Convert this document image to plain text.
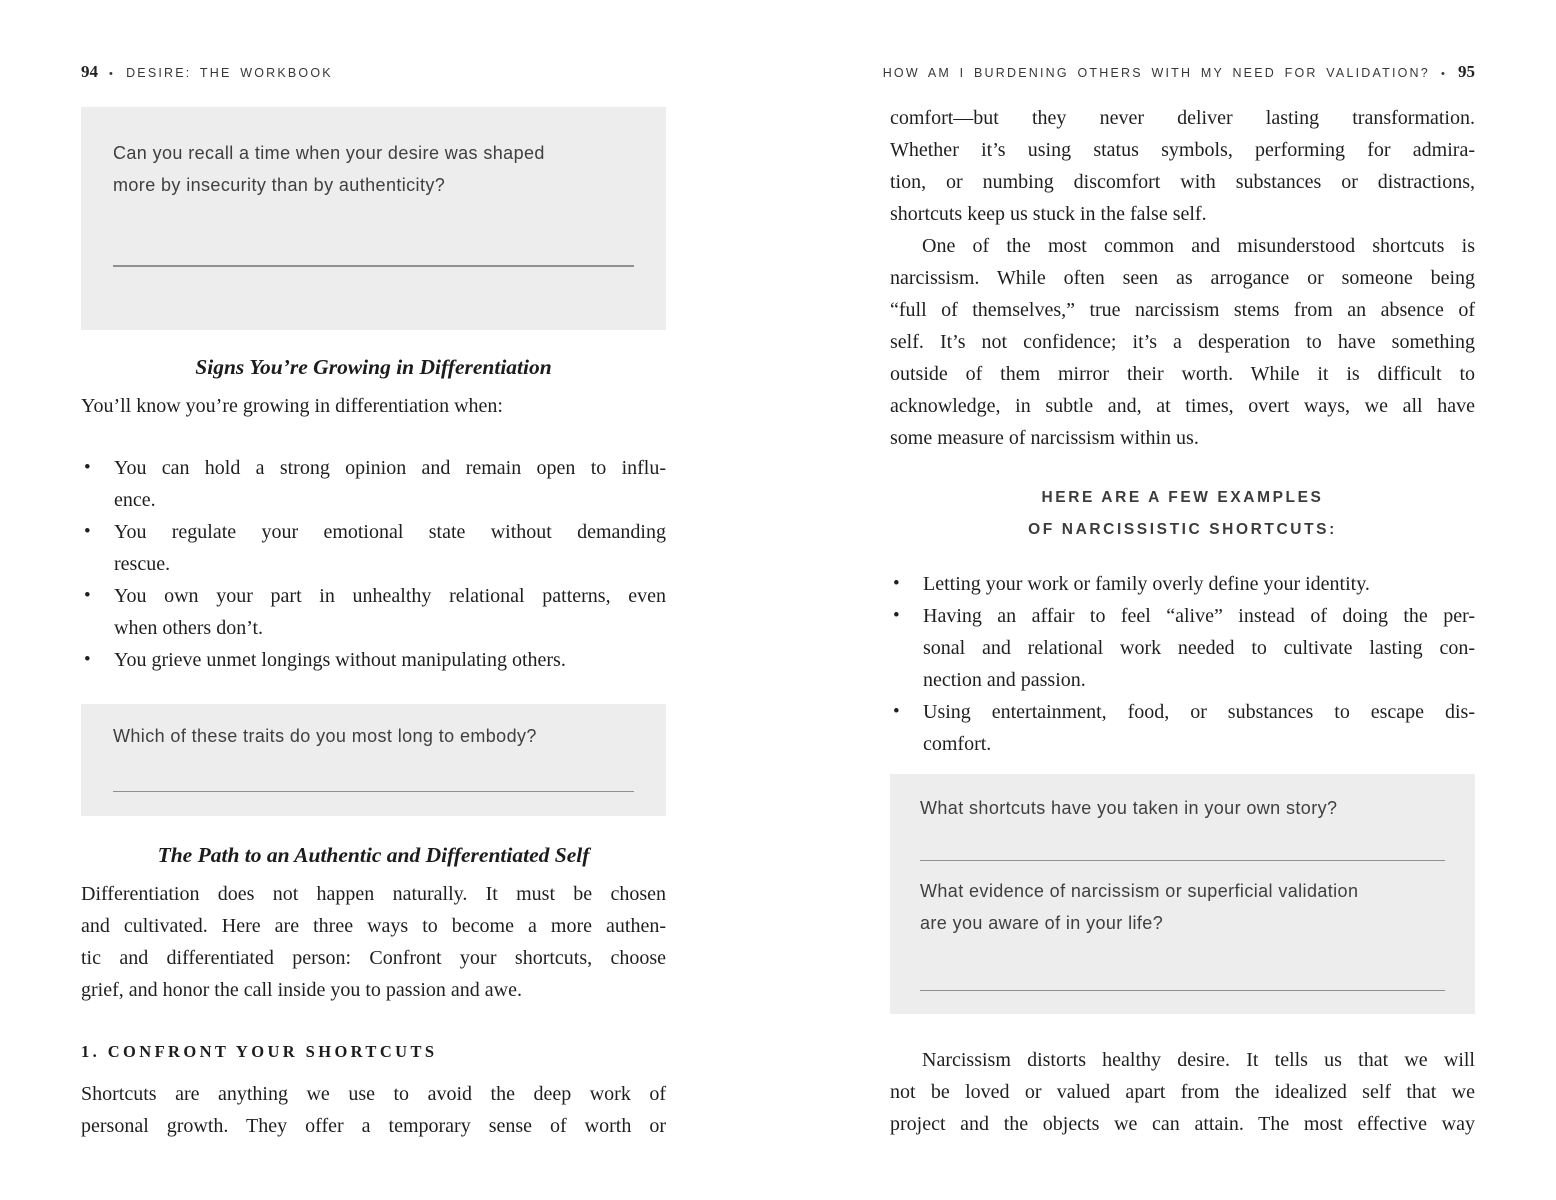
94 • DESIRE: THE WORKBOOK
Can you recall a time when your desire was shaped
more by insecurity than by authenticity?
Signs You’re Growing in Differentiation
You’ll know you’re growing in differentiation when:
•	You can hold a strong opinion and remain open to influ-
ence.
•	You regulate your emotional state without demanding
rescue.
•	You own your part in unhealthy relational patterns, even
when others don’t.
•	You grieve unmet longings without manipulating others.
Which of these traits do you most long to embody?
The Path to an Authentic and Differentiated Self
Differentiation does not happen naturally. It must be chosen
and cultivated. Here are three ways to become a more authen-
tic and differentiated person: Confront your shortcuts, choose
grief, and honor the call inside you to passion and awe.
1. CONFRONT YOUR SHORTCUTS
Shortcuts are anything we use to avoid the deep work of
personal growth. They offer a temporary sense of worth or
HOW AM I BURDENING OTHERS WITH MY NEED FOR VALIDATION? • 95
comfort—but they never deliver lasting transformation.
Whether it’s using status symbols, performing for admira-
tion, or numbing discomfort with substances or distractions,
shortcuts keep us stuck in the false self.
One of the most common and misunderstood shortcuts is
narcissism. While often seen as arrogance or someone being
“full of themselves,” true narcissism stems from an absence of
self. It’s not confidence; it’s a desperation to have something
outside of them mirror their worth. While it is difficult to
acknowledge, in subtle and, at times, overt ways, we all have
some measure of narcissism within us.
HERE ARE A FEW EXAMPLES
OF NARCISSISTIC SHORTCUTS:
•	Letting your work or family overly define your identity.
•	Having an affair to feel “alive” instead of doing the per-
sonal and relational work needed to cultivate lasting con-
nection and passion.
•	Using entertainment, food, or substances to escape dis-
comfort.
What shortcuts have you taken in your own story?
What evidence of narcissism or superficial validation
are you aware of in your life?
Narcissism distorts healthy desire. It tells us that we will
not be loved or valued apart from the idealized self that we
project and the objects we can attain. The most effective way
